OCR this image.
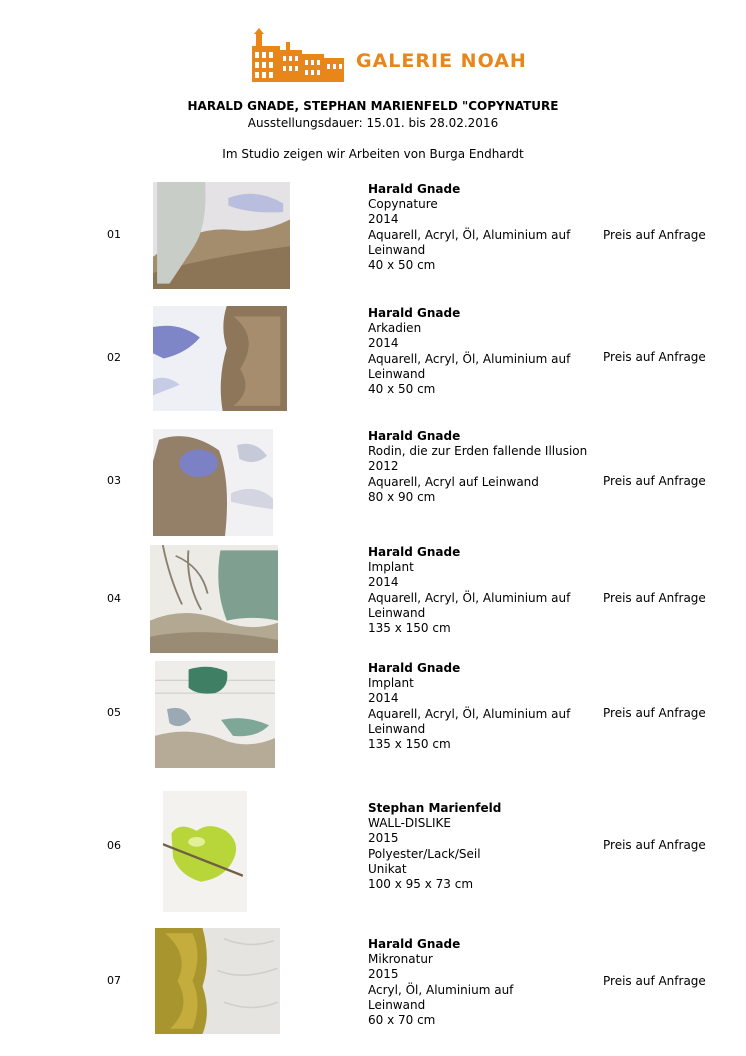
GALERIE NOAH
HARALD GNADE, STEPHAN MARIENFELD "COPYNATURE
Ausstellungsdauer: 15.01. bis 28.02.2016
Im Studio zeigen wir Arbeiten von Burga Endhardt
01
Harald Gnade
Copynature
2014
Aquarell, Acryl, Öl, Aluminium auf Leinwand
40 x 50 cm
Preis auf Anfrage
02
Harald Gnade
Arkadien
2014
Aquarell, Acryl, Öl, Aluminium auf Leinwand
40 x 50 cm
Preis auf Anfrage
03
Harald Gnade
Rodin, die zur Erden fallende Illusion
2012
Aquarell, Acryl auf Leinwand
80 x 90 cm
Preis auf Anfrage
04
Harald Gnade
Implant
2014
Aquarell, Acryl, Öl, Aluminium auf Leinwand
135 x 150 cm
Preis auf Anfrage
05
Harald Gnade
Implant
2014
Aquarell, Acryl, Öl, Aluminium auf Leinwand
135 x 150 cm
Preis auf Anfrage
06
Stephan Marienfeld
WALL-DISLIKE
2015
Polyester/Lack/Seil
Unikat
100 x 95 x 73 cm
Preis auf Anfrage
07
Harald Gnade
Mikronatur
2015
Acryl, Öl, Aluminium auf Leinwand
60 x 70 cm
Preis auf Anfrage
